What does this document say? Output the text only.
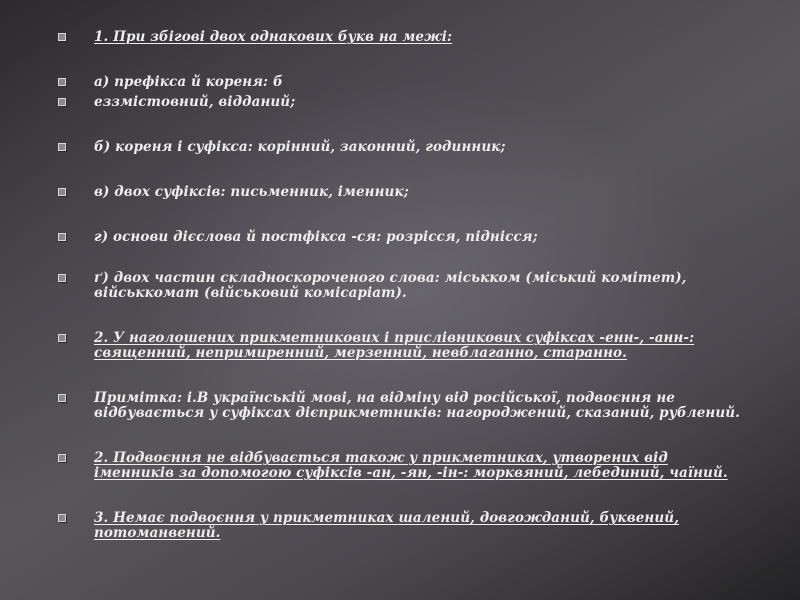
1. При збігові двох однакових букв на межі:
а) префікса й кореня: б
еззмістовний, відданий;
б) кореня і суфікса: корінний, законний, годинник;
в) двох суфіксів: письменник, іменник;
г) основи дієслова й постфікса -ся: розрісся, піднісся;
ґ) двох частин складноскороченого слова: міськком (міський комітет), військкомат (військовий комісаріат).
2. У наголошених прикметникових і прислівникових суфіксах -енн-, -анн-: священний, непримиренний, мерзенний, невблаганно, старанно.
Примітка: і.В українській мові, на відміну від російської, подвоєння не відбувається у суфіксах дієприкметників: нагороджений, сказаний, рублений.
2. Подвоєння не відбувається також у прикметниках, утворених від іменників за допомогою суфіксів -ан, -ян, -ін-: морквяний, лебединий, чаїний.
3. Немає подвоєння у прикметниках шалений, довгожданий, буквений, потоманвений.
